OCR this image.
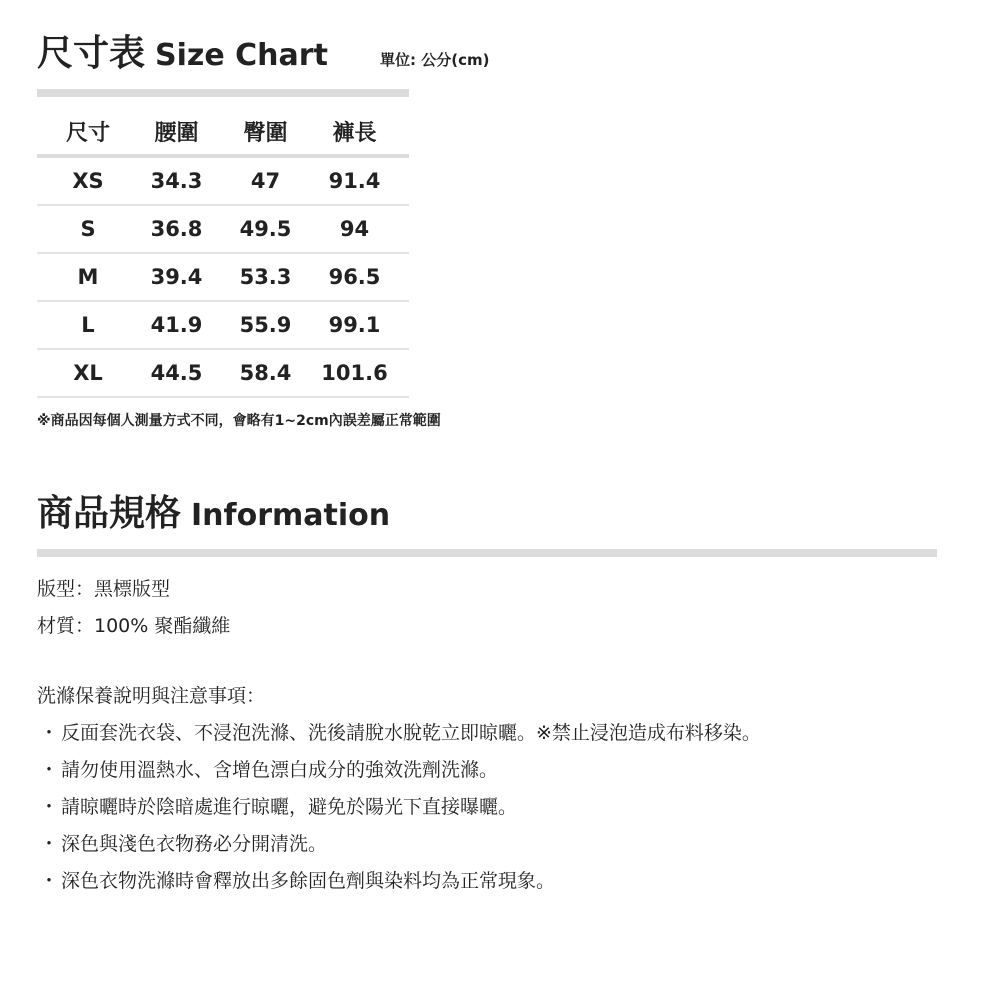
尺寸表 Size Chart	單位: 公分(cm)
尺寸	腰圍	臀圍	褲長
XS	34.3	47	91.4
S	36.8	49.5	94
M	39.4	53.3	96.5
L	41.9	55.9	99.1
XL	44.5	58.4	101.6
※商品因每個人測量方式不同，會略有1~2cm內誤差屬正常範圍
商品規格 Information
版型：黑標版型
材質：100% 聚酯纖維
洗滌保養說明與注意事項：
・ 反面套洗衣袋、不浸泡洗滌、洗後請脫水脫乾立即晾曬。※禁止浸泡造成布料移染。
・ 請勿使用溫熱水、含增色漂白成分的強效洗劑洗滌。
・ 請晾曬時於陰暗處進行晾曬，避免於陽光下直接曝曬。
・ 深色與淺色衣物務必分開清洗。
・ 深色衣物洗滌時會釋放出多餘固色劑與染料均為正常現象。
